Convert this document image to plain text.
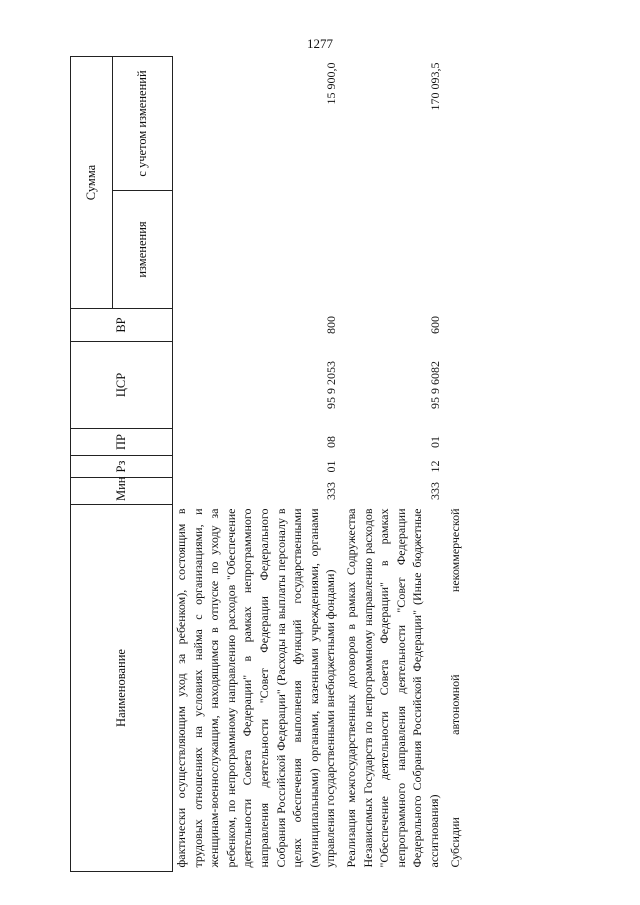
1277
Наименование	Мин	Рз	ПР	ЦСР	ВР	Сумма	
						изменения	с учетом изменений
фактически осуществляющим уход за ребенком), состоящим в трудовых отношениях на условиях найма с организациями, и женщинам-военнослужащим, находящимся в отпуске по уходу за ребенком, по непрограммному направлению расходов "Обеспечение деятельности Совета Федерации" в рамках непрограммного направления деятельности "Совет Федерации Федерального Собрания Российской Федерации" (Расходы на выплаты персоналу в целях обеспечения выполнения функций государственными (муниципальными) органами, казенными учреждениями, органами управления государственными внебюджетными фондами)	333	01	08	95 9 2053	800		15 900,0
Реализация межгосударственных договоров в рамках Содружества Независимых Государств по непрограммному направлению расходов "Обеспечение деятельности Совета Федерации" в рамках непрограммного направления деятельности "Совет Федерации Федерального Собрания Российской Федерации" (Иные бюджетные ассигнования)	333	12	01	95 9 6082	600		170 093,5
Субсидии автономной некоммерческой							
